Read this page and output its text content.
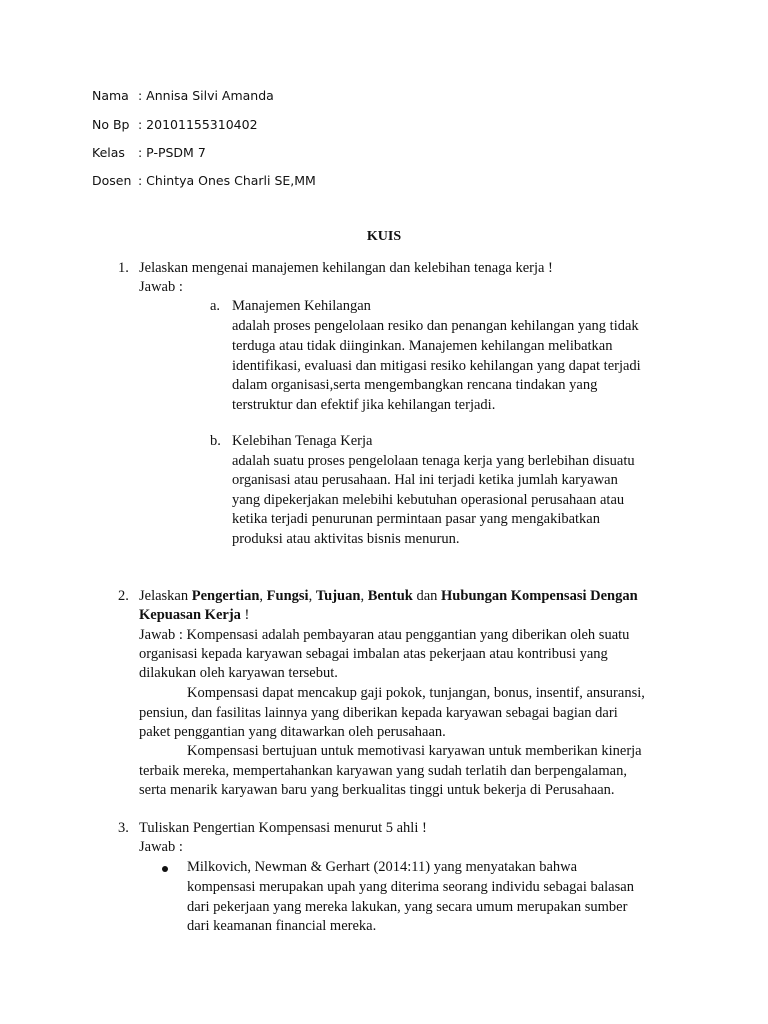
Nama : Annisa Silvi Amanda
No Bp : 20101155310402
Kelas : P-PSDM 7
Dosen : Chintya Ones Charli SE,MM
KUIS
1. Jelaskan mengenai manajemen kehilangan dan kelebihan tenaga kerja !
Jawab :
a. Manajemen Kehilangan
adalah proses pengelolaan resiko dan penangan kehilangan yang tidak
terduga atau tidak diinginkan. Manajemen kehilangan melibatkan
identifikasi, evaluasi dan mitigasi resiko kehilangan yang dapat terjadi
dalam organisasi,serta mengembangkan rencana tindakan yang
terstruktur dan efektif jika kehilangan terjadi.
b. Kelebihan Tenaga Kerja
adalah suatu proses pengelolaan tenaga kerja yang berlebihan disuatu
organisasi atau perusahaan. Hal ini terjadi ketika jumlah karyawan
yang dipekerjakan melebihi kebutuhan operasional perusahaan atau
ketika terjadi penurunan permintaan pasar yang mengakibatkan
produksi atau aktivitas bisnis menurun.
2. Jelaskan Pengertian, Fungsi, Tujuan, Bentuk dan Hubungan Kompensasi Dengan
Kepuasan Kerja !
Jawab : Kompensasi adalah pembayaran atau penggantian yang diberikan oleh suatu
organisasi kepada karyawan sebagai imbalan atas pekerjaan atau kontribusi yang
dilakukan oleh karyawan tersebut.
Kompensasi dapat mencakup gaji pokok, tunjangan, bonus, insentif, ansuransi,
pensiun, dan fasilitas lainnya yang diberikan kepada karyawan sebagai bagian dari
paket penggantian yang ditawarkan oleh perusahaan.
Kompensasi bertujuan untuk memotivasi karyawan untuk memberikan kinerja
terbaik mereka, mempertahankan karyawan yang sudah terlatih dan berpengalaman,
serta menarik karyawan baru yang berkualitas tinggi untuk bekerja di Perusahaan.
3. Tuliskan Pengertian Kompensasi menurut 5 ahli !
Jawab :
Milkovich, Newman & Gerhart (2014:11) yang menyatakan bahwa
kompensasi merupakan upah yang diterima seorang individu sebagai balasan
dari pekerjaan yang mereka lakukan, yang secara umum merupakan sumber
dari keamanan financial mereka.
